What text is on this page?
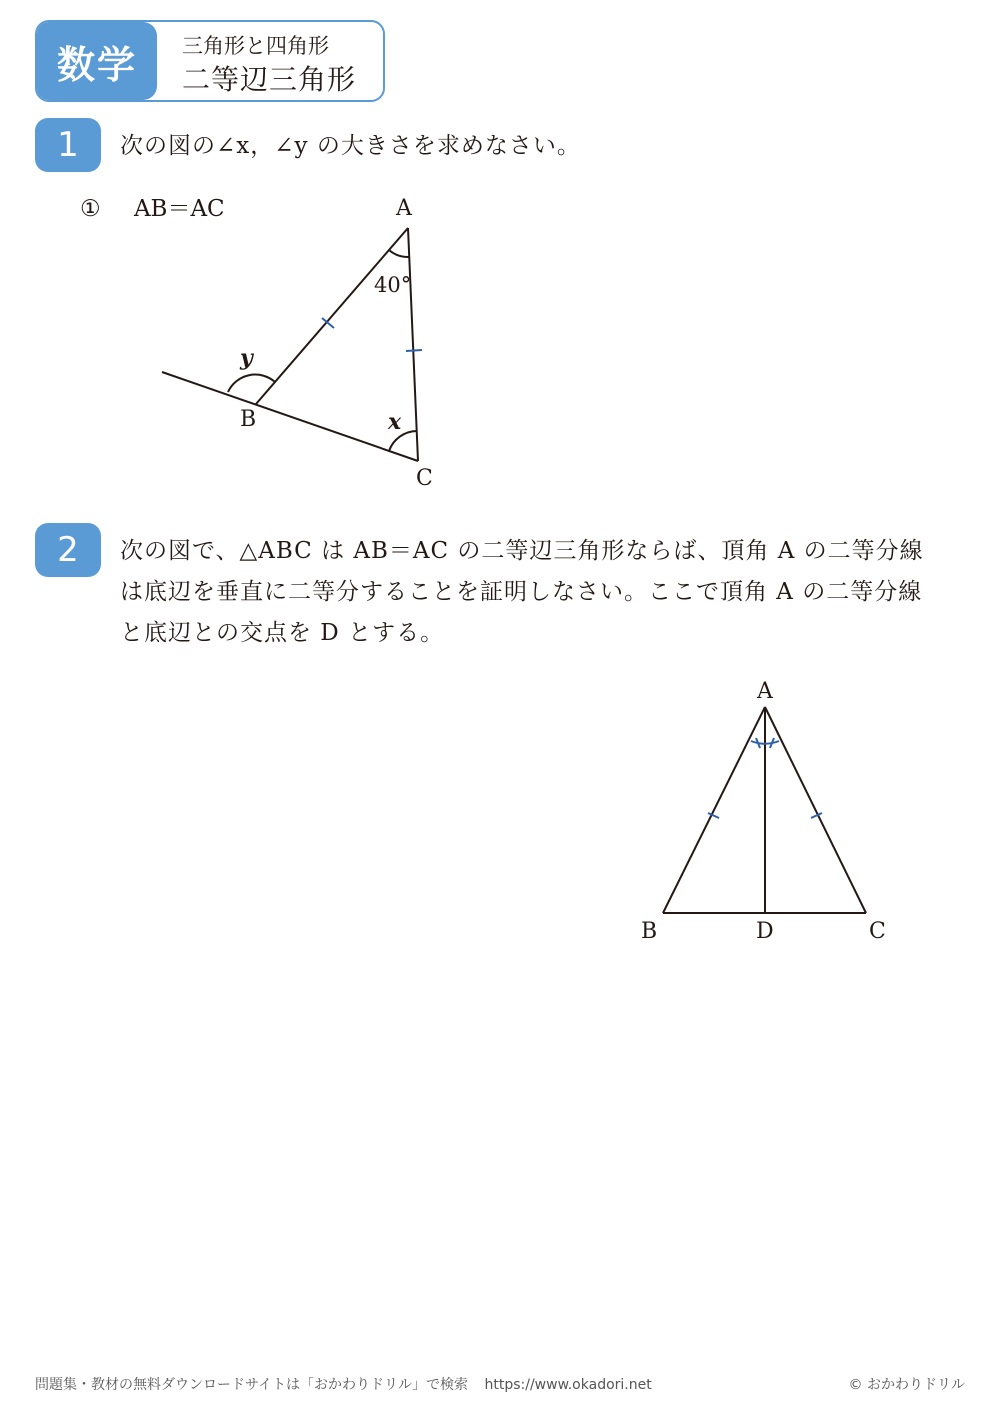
数学	三角形と四角形
二等辺三角形
1	次の図の∠x，∠y の大きさを求めなさい。
① AB＝AC	A
B
C
40°
x
y
2	次の図で、△ABC は AB＝AC の二等辺三角形ならば、頂角 A の二等分線
は底辺を垂直に二等分することを証明しなさい。ここで頂角 A の二等分線
と底辺との交点を D とする。
A
B	C
D
問題集・教材の無料ダウンロードサイトは「おかわりドリル」で検索 https://www.okadori.net	© おかわりドリル
